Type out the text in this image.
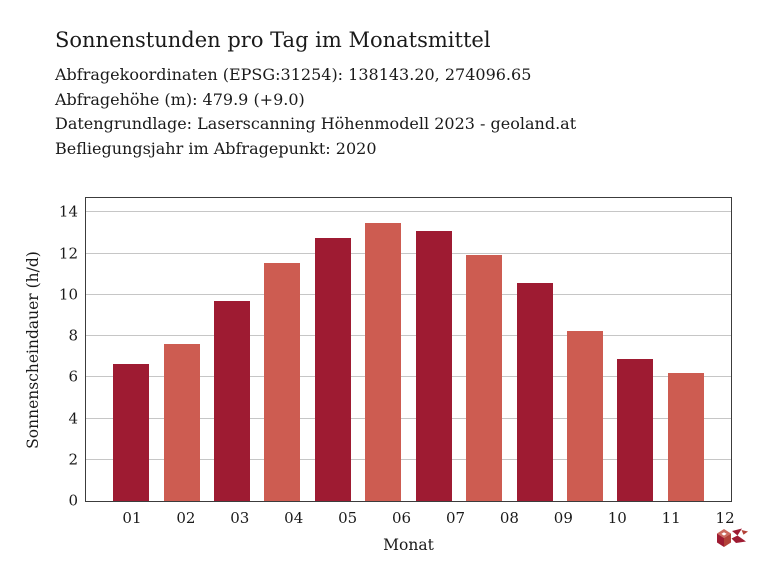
Sonnenstunden pro Tag im Monatsmittel
Abfragekoordinaten (EPSG:31254): 138143.20, 274096.65
Abfragehöhe (m): 479.9 (+9.0)
Datengrundlage: Laserscanning Höhenmodell 2023 - geoland.at
Befliegungsjahr im Abfragepunkt: 2020
Sonnenscheindauer (h/d)
0
2
4
6
8
10
12
14
01	02	03	04	05	06	07	08	09	10	11	12
Monat
